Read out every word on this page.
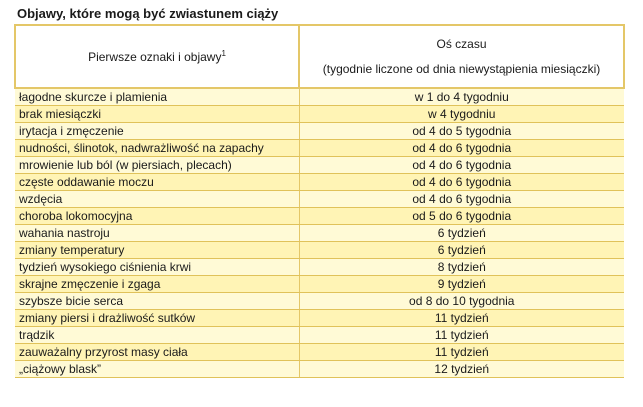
Objawy, które mogą być zwiastunem ciąży
Pierwsze oznaki i objawy$^1$	Oś czasu
(tygodnie liczone od dnia niewystąpienia miesiączki)

łagodne skurcze i plamienia	w 1 do 4 tygodniu
brak miesiączki	w 4 tygodniu
irytacja i zmęczenie	od 4 do 5 tygodnia
nudności, ślinotok, nadwrażliwość na zapachy	od 4 do 6 tygodnia
mrowienie lub ból (w piersiach, plecach)	od 4 do 6 tygodnia
częste oddawanie moczu	od 4 do 6 tygodnia
wzdęcia	od 4 do 6 tygodnia
choroba lokomocyjna	od 5 do 6 tygodnia
wahania nastroju	6 tydzień
zmiany temperatury	6 tydzień
tydzień wysokiego ciśnienia krwi	8 tydzień
skrajne zmęczenie i zgaga	9 tydzień
szybsze bicie serca	od 8 do 10 tygodnia
zmiany piersi i drażliwość sutków	11 tydzień
trądzik	11 tydzień
zauważalny przyrost masy ciała	11 tydzień
„ciążowy blask”	12 tydzień
